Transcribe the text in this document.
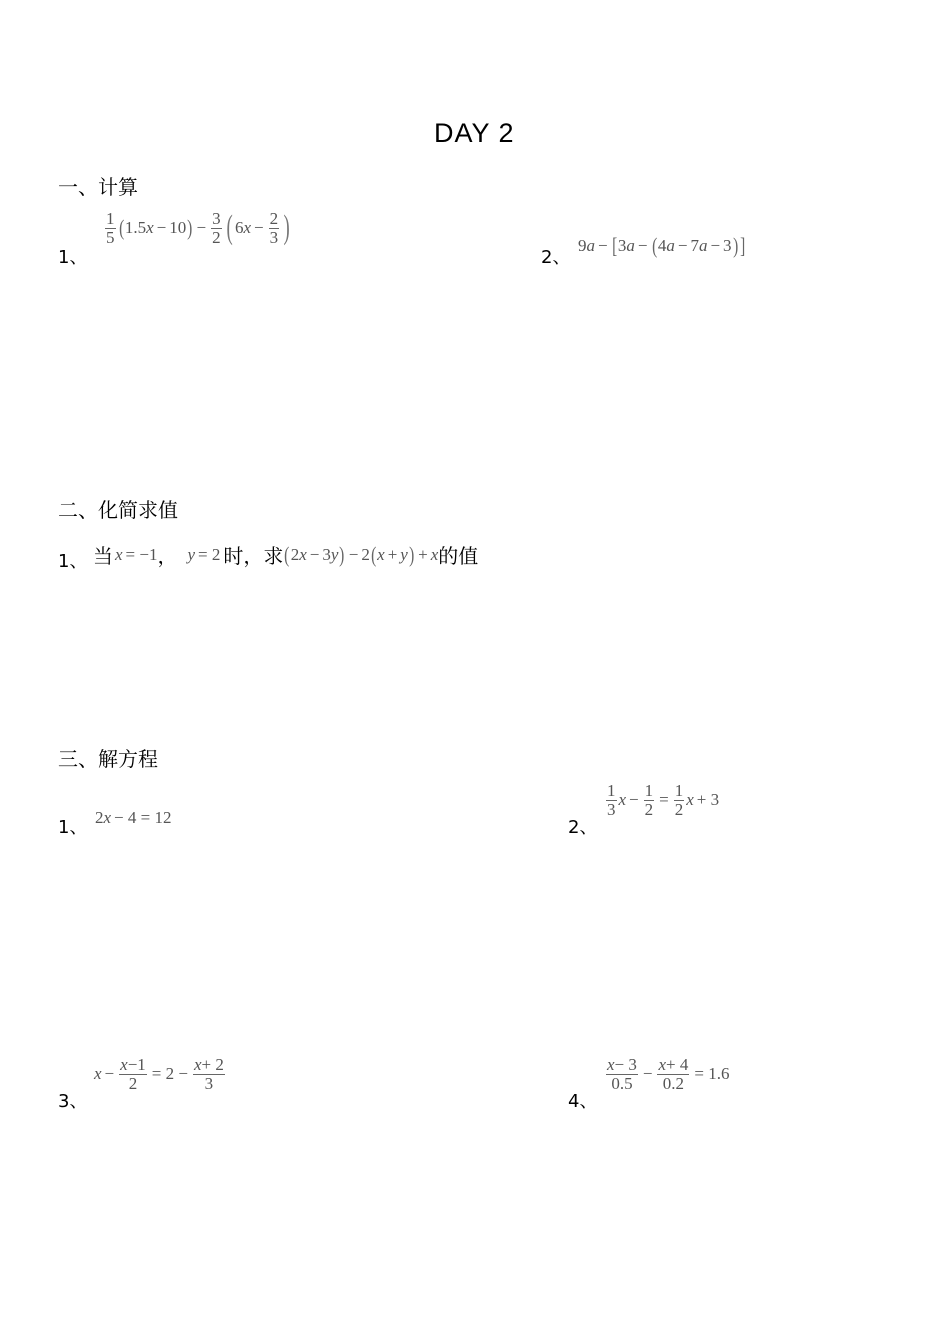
DAY 2
一、计算
1、
$\frac{1}{5}$ ( 1.5 x − 10 ) − $\frac{3}{2}$ ( 6 $x - \frac{2}{3}$ )
2、
9 a − [ 3 a − ( 4 a − 7 a − 3 ) ]
二、化简求值
1、 当 x = −1 ， y = 2 时，求 ( 2 x − 3 y ) − 2 ( x + y ) + x 的值
三、解方程
1、 2 x − 4 = 12	2、
$\frac{1}{3}$ $x - \frac{1}{2} = \frac{1}{2}$ x + 3
3、
$x - \frac{x-1}{2} = 2 - \frac{x+ 2}{3}$
4、
$\frac{x- 3}{0.5} - \frac{x+ 4}{0.2} = 1.6$
